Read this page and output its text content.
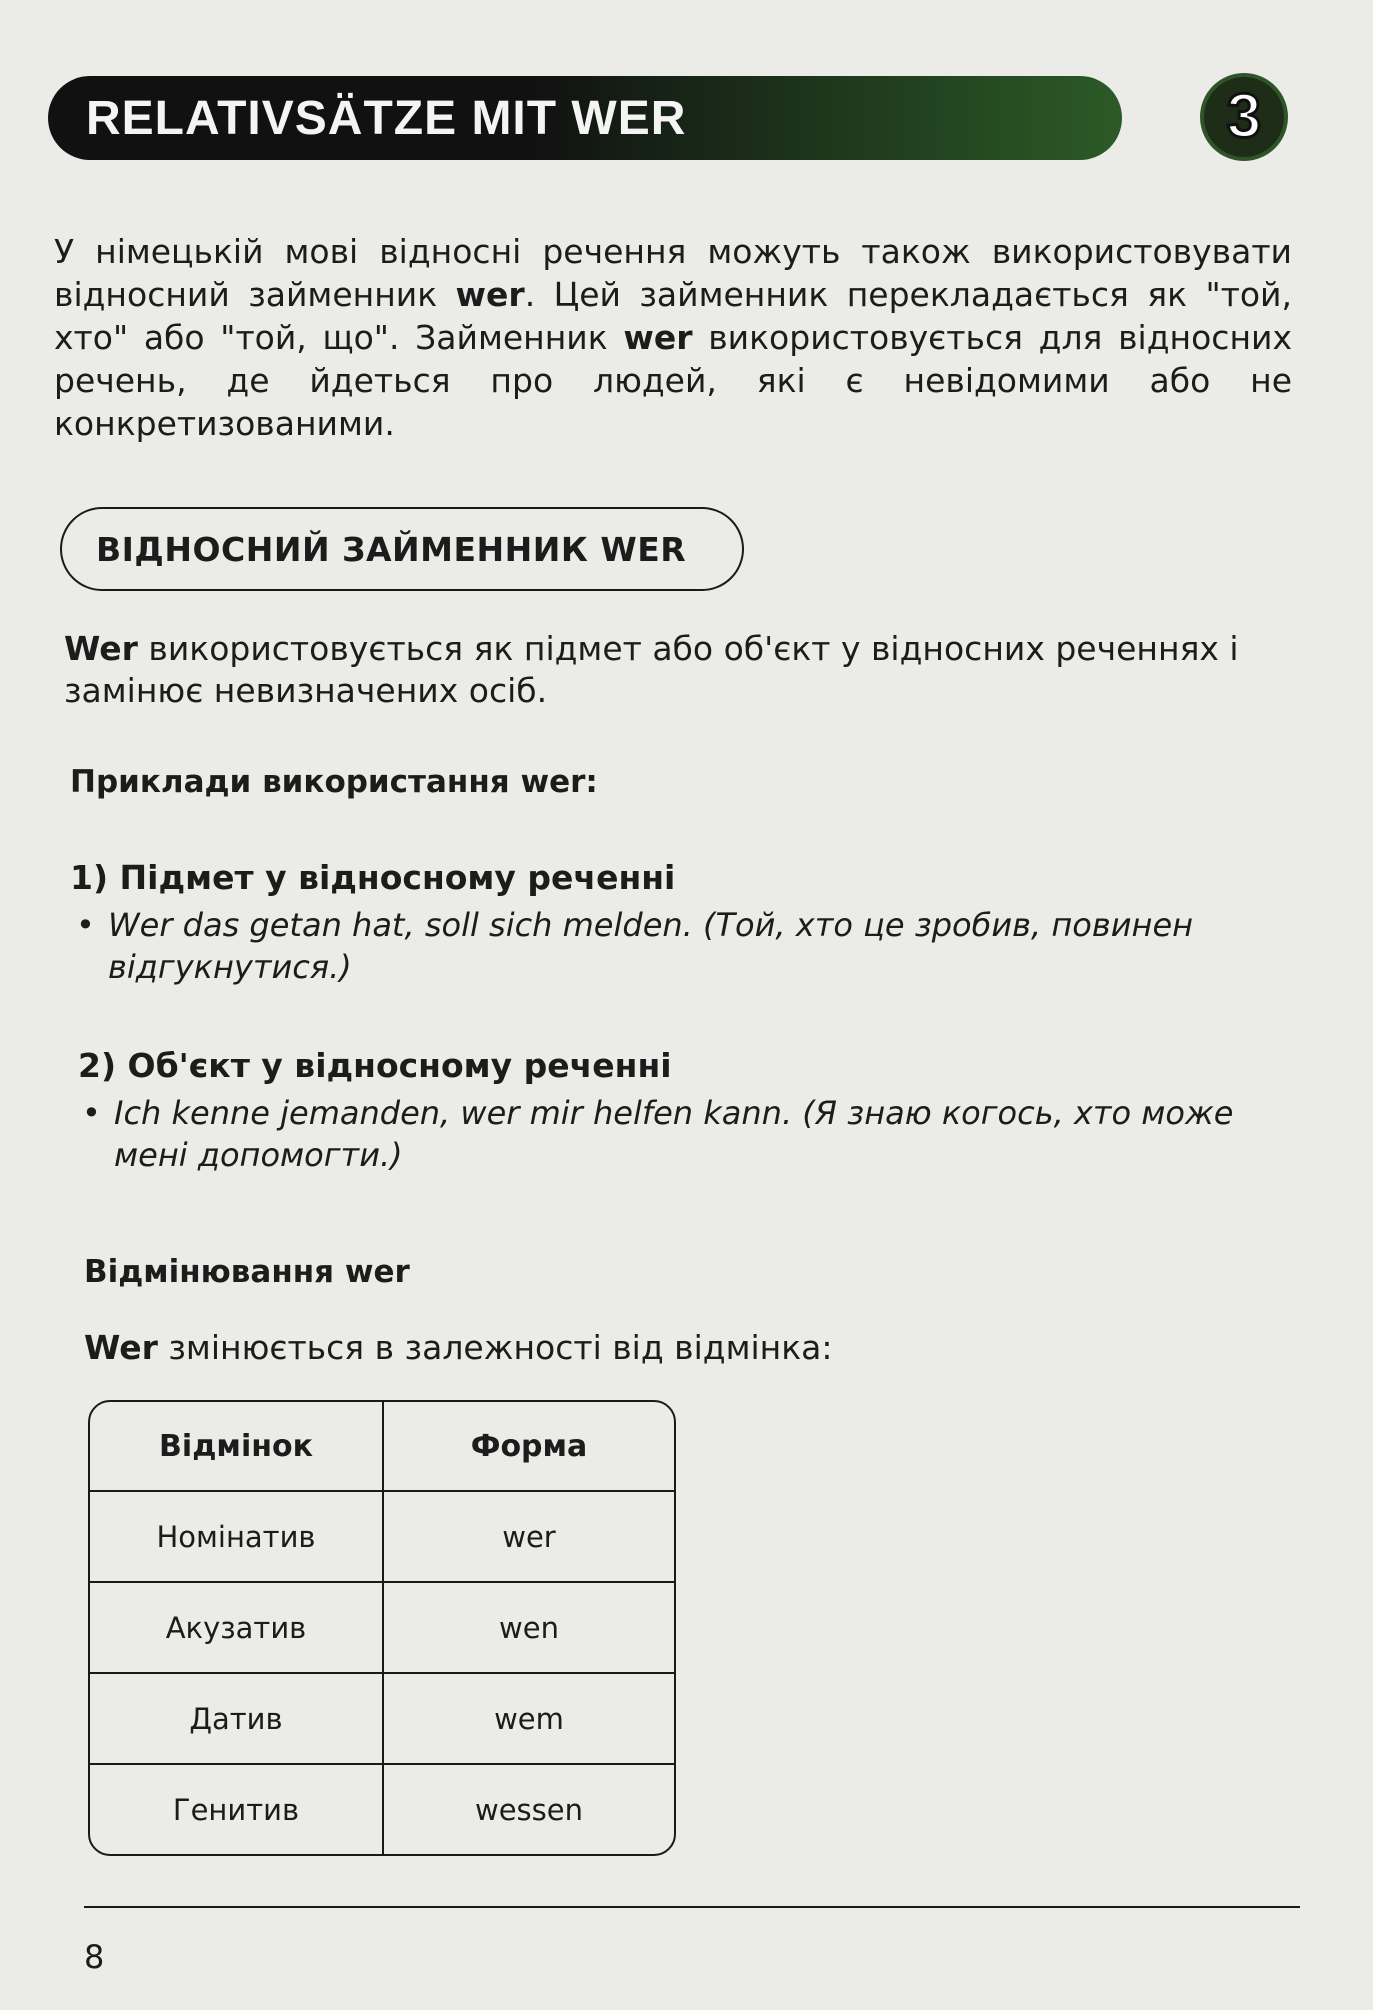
RELATIVSÄTZE MIT WER	3

У німецькій мові відносні речення можуть також використовувати відносний займенник wer. Цей займенник перекладається як "той, хто" або "той, що". Займенник wer використовується для відносних речень, де йдеться про людей, які є невідомими або не конкретизованими.

ВІДНОСНИЙ ЗАЙМЕННИК WER

Wer використовується як підмет або об'єкт у відносних реченнях і замінює невизначених осіб.

Приклади використання wer:

1) Підмет у відносному реченні

• Wer das getan hat, soll sich melden. (Той, хто це зробив, повинен відгукнутися.)

2) Об'єкт у відносному реченні

• Ich kenne jemanden, wer mir helfen kann. (Я знаю когось, хто може мені допомогти.)

Відмінювання wer

Wer змінюється в залежності від відмінка:

Відмінок	Форма
Номінатив	wer
Акузатив	wen
Датив	wem
Генитив	wessen

8
